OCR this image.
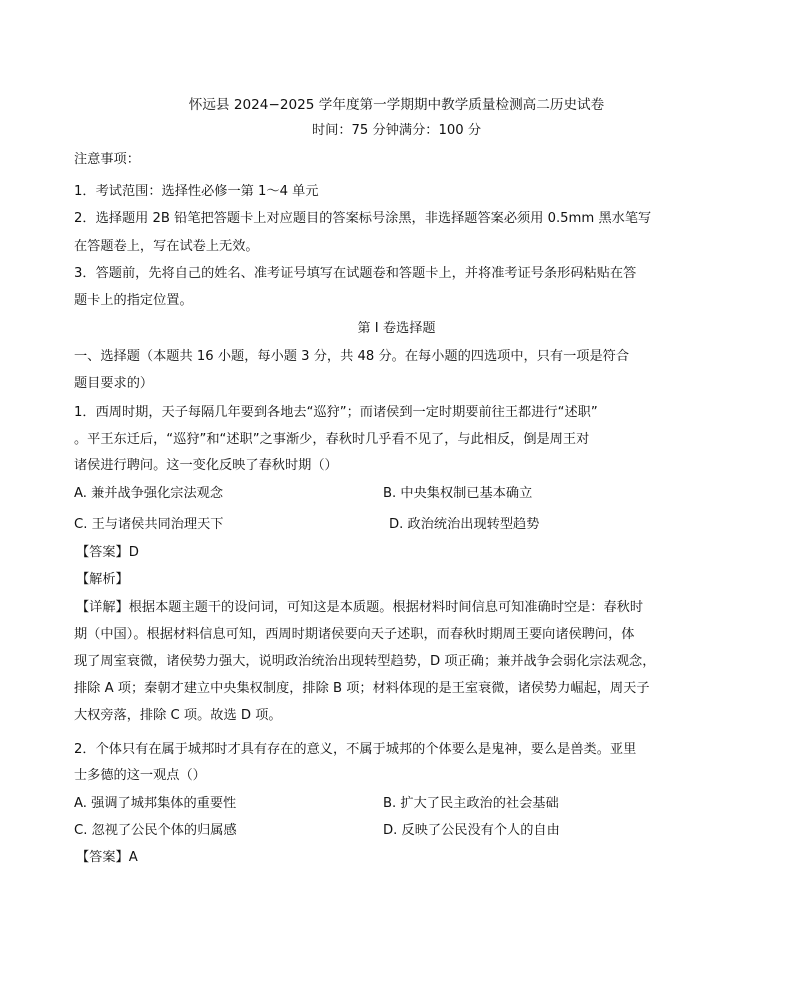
怀远县 2024−2025 学年度第一学期期中教学质量检测高二历史试卷
时间：75 分钟满分：100 分
注意事项：
1．考试范围：选择性必修一第 1～4 单元
2．选择题用 2B 铅笔把答题卡上对应题目的答案标号涂黑，非选择题答案必须用 0.5mm 黑水笔写
在答题卷上，写在试卷上无效。
3．答题前，先将自己的姓名、准考证号填写在试题卷和答题卡上，并将准考证号条形码粘贴在答
题卡上的指定位置。
第 I 卷选择题
一、选择题（本题共 16 小题，每小题 3 分，共 48 分。在每小题的四选项中，只有一项是符合
题目要求的）
1．西周时期，天子每隔几年要到各地去“巡狩”；而诸侯到一定时期要前往王都进行“述职”
。平王东迁后，“巡狩”和“述职”之事渐少，春秋时几乎看不见了，与此相反，倒是周王对
诸侯进行聘问。这一变化反映了春秋时期（）
A. 兼并战争强化宗法观念	B. 中央集权制已基本确立
C. 王与诸侯共同治理天下	D. 政治统治出现转型趋势
【答案】D
【解析】
【详解】根据本题主题干的设问词，可知这是本质题。根据材料时间信息可知准确时空是：春秋时
期（中国）。根据材料信息可知，西周时期诸侯要向天子述职，而春秋时期周王要向诸侯聘问，体
现了周室衰微，诸侯势力强大，说明政治统治出现转型趋势，D 项正确；兼并战争会弱化宗法观念，
排除 A 项；秦朝才建立中央集权制度，排除 B 项；材料体现的是王室衰微，诸侯势力崛起，周天子
大权旁落，排除 C 项。故选 D 项。
2．个体只有在属于城邦时才具有存在的意义，不属于城邦的个体要么是鬼神，要么是兽类。亚里
士多德的这一观点（）
A. 强调了城邦集体的重要性	B. 扩大了民主政治的社会基础
C. 忽视了公民个体的归属感	D. 反映了公民没有个人的自由
【答案】A
